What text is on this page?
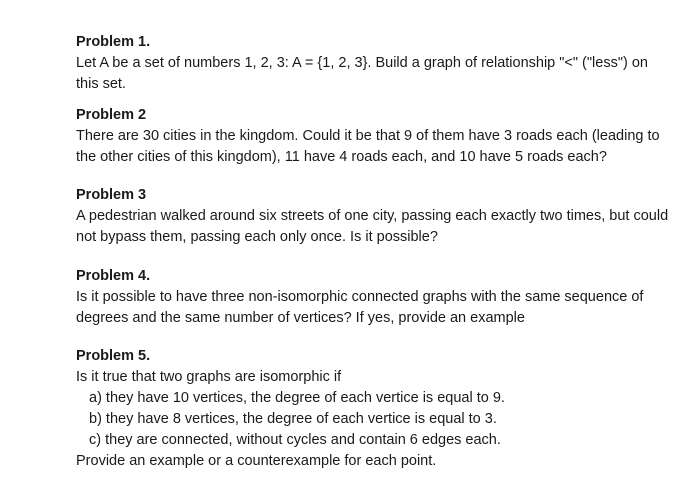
Problem 1.
Let A be a set of numbers 1, 2, 3: A = {1, 2, 3}. Build a graph of relationship "<" ("less") on
this set.
Problem 2
There are 30 cities in the kingdom. Could it be that 9 of them have 3 roads each (leading to
the other cities of this kingdom), 11 have 4 roads each, and 10 have 5 roads each?
Problem 3
A pedestrian walked around six streets of one city, passing each exactly two times, but could
not bypass them, passing each only once. Is it possible?
Problem 4.
Is it possible to have three non-isomorphic connected graphs with the same sequence of
degrees and the same number of vertices? If yes, provide an example
Problem 5.
Is it true that two graphs are isomorphic if
a) they have 10 vertices, the degree of each vertice is equal to 9.
b) they have 8 vertices, the degree of each vertice is equal to 3.
c) they are connected, without cycles and contain 6 edges each.
Provide an example or a counterexample for each point.
